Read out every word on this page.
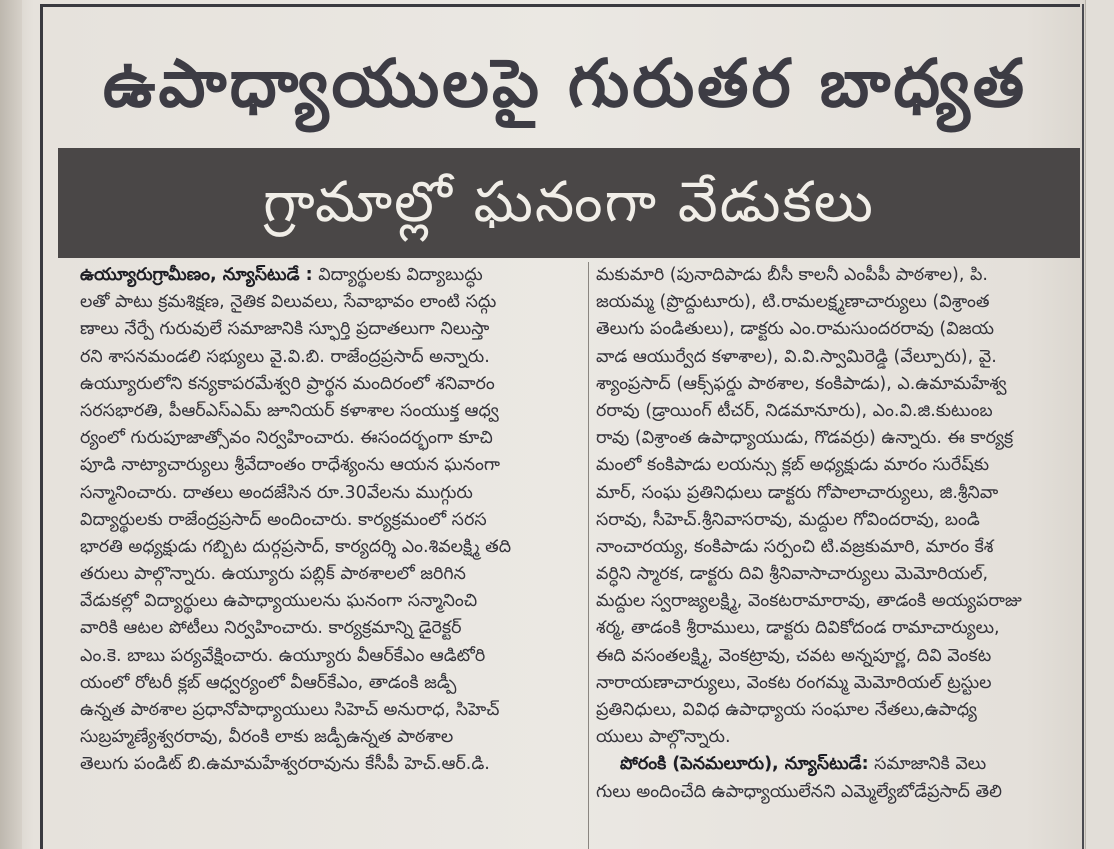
ఉపాధ్యాయులపై గురుతర బాధ్యత
గ్రామాల్లో ఘనంగా వేడుకలు
ఉయ్యూరుగ్రామీణం, న్యూస్‌టుడే : విద్యార్థులకు విద్యాబుద్ధు
లతో పాటు క్రమశిక్షణ, నైతిక విలువలు, సేవాభావం లాంటి సద్గు
ణాలు నేర్పే గురువులే సమాజానికి స్ఫూర్తి ప్రదాతలుగా నిలుస్తా
రని శాసనమండలి సభ్యులు వై.వి.బి. రాజేంద్రప్రసాద్ అన్నారు.
ఉయ్యూరులోని కన్యకాపరమేశ్వరి ప్రార్థన మందిరంలో శనివారం
సరసభారతి, పీఆర్‌ఎస్‌ఎమ్ జూనియర్ కళాశాల సంయుక్త ఆధ్వ
ర్యంలో గురుపూజాత్సోవం నిర్వహించారు. ఈసందర్భంగా కూచి
పూడి నాట్యాచార్యులు శ్రీవేదాంతం రాధేశ్యంను ఆయన ఘనంగా
సన్మానించారు. దాతలు అందజేసిన రూ.30వేలను ముగ్గురు
విద్యార్థులకు రాజేంద్రప్రసాద్ అందించారు. కార్యక్రమంలో సరస
భారతి అధ్యక్షుడు గబ్బిట దుర్గప్రసాద్, కార్యదర్శి ఎం.శివలక్ష్మి తది
తరులు పాల్గొన్నారు. ఉయ్యూరు పబ్లిక్ పాఠశాలలో జరిగిన
వేడుకల్లో విద్యార్థులు ఉపాధ్యాయులను ఘనంగా సన్మానించి
వారికి ఆటల పోటీలు నిర్వహించారు. కార్యక్రమాన్ని డైరెక్టర్
ఎం.కె. బాబు పర్యవేక్షించారు. ఉయ్యూరు వీఆర్‌కేఎం ఆడిటోరి
యంలో రోటరీ క్లబ్ ఆధ్వర్యంలో వీఆర్‌కేఎం, తాడంకి జడ్పీ
ఉన్నత పాఠశాల ప్రధానోపాధ్యాయులు సిహెచ్ అనురాధ, సిహెచ్
సుబ్రహ్మణ్యేశ్వరరావు, వీరంకి లాకు జడ్పీఉన్నత పాఠశాల
తెలుగు పండిట్ బి.ఉమామహేశ్వరరావును కేసీపీ హెచ్.ఆర్.డి.
మకుమారి (పునాదిపాడు బీసీ కాలనీ ఎంపీపీ పాఠశాల), పి.
జయమ్మ (ప్రొద్దుటూరు), టి.రామలక్ష్మణాచార్యులు (విశ్రాంత
తెలుగు పండితులు), డాక్టరు ఎం.రామసుందరరావు (విజయ
వాడ ఆయుర్వేద కళాశాల), వి.వి.స్వామిరెడ్డి (వేల్పూరు), వై.
శ్యాంప్రసాద్ (ఆక్స్‌ఫర్డు పాఠశాల, కంకిపాడు), ఎ.ఉమామహేశ్వ
రరావు (డ్రాయింగ్ టీచర్, నిడమానూరు), ఎం.వి.జి.కుటుంబ
రావు (విశ్రాంత ఉపాధ్యాయుడు, గొడవర్రు) ఉన్నారు. ఈ కార్యక్ర
మంలో కంకిపాడు లయన్సు క్లబ్ అధ్యక్షుడు మారం సురేష్‌కు
మార్, సంఘ ప్రతినిధులు డాక్టరు గోపాలాచార్యులు, జి.శ్రీనివా
సరావు, సీహెచ్.శ్రీనివాసరావు, మద్దుల గోవిందరావు, బండి
నాంచారయ్య, కంకిపాడు సర్పంచి టి.వజ్రకుమారి, మారం కేశ
వర్ధిని స్మారక, డాక్టరు దివి శ్రీనివాసాచార్యులు మెమోరియల్,
మద్దుల స్వరాజ్యలక్ష్మి, వెంకటరామారావు, తాడంకి అయ్యపరాజు
శర్మ, తాడంకి శ్రీరాములు, డాక్టరు దివికోదండ రామాచార్యులు,
ఈది వసంతలక్ష్మి, వెంకట్రావు, చవట అన్నపూర్ణ, దివి వెంకట
నారాయణాచార్యులు, వెంకట రంగమ్మ మెమోరియల్ ట్రస్టుల
ప్రతినిధులు, వివిధ ఉపాధ్యాయ సంఘాల నేతలు,ఉపాధ్య
యులు పాల్గొన్నారు.
పోరంకి (పెనమలూరు), న్యూస్‌టుడే: సమాజానికి వెలు
గులు అందించేది ఉపాధ్యాయులేనని ఎమ్మెల్యేబోడేప్రసాద్ తెలి
